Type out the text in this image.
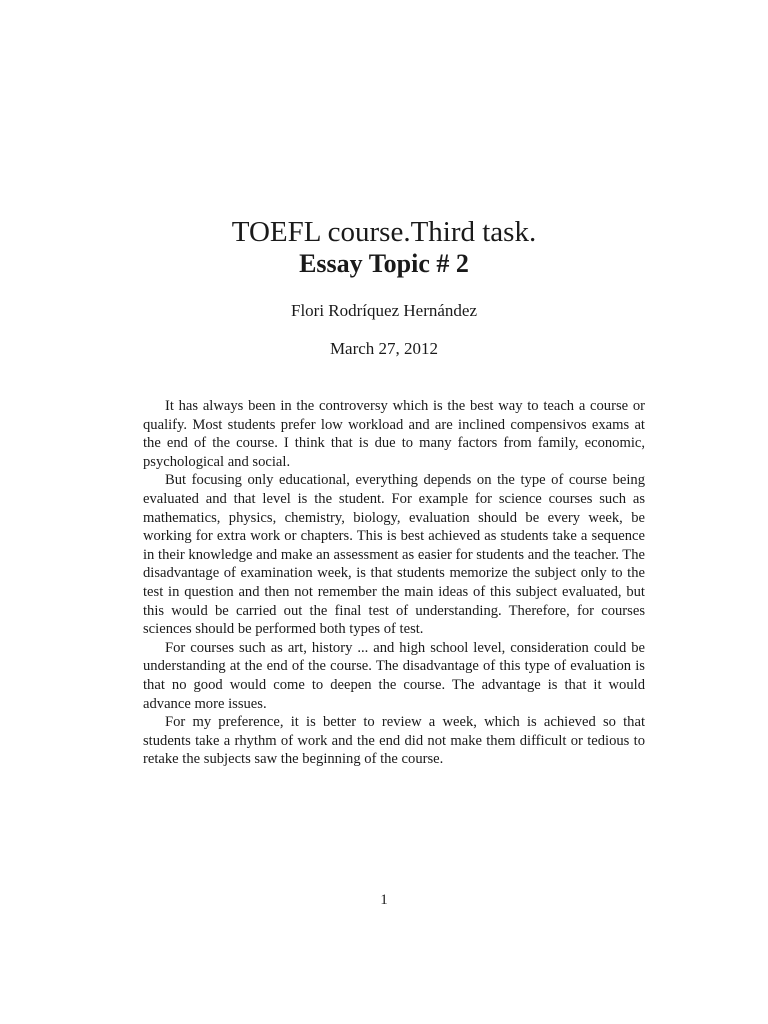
TOEFL course.Third task.
Essay Topic # 2
Flori Rodríquez Hernández
March 27, 2012

It has always been in the controversy which is the best way to teach a course or qualify. Most students prefer low workload and are inclined compensivos exams at the end of the course. I think that is due to many factors from family, economic, psychological and social.

But focusing only educational, everything depends on the type of course being evaluated and that level is the student. For example for science courses such as mathematics, physics, chemistry, biology, evaluation should be every week, be working for extra work or chapters. This is best achieved as students take a sequence in their knowledge and make an assessment as easier for students and the teacher. The disadvantage of examination week, is that students memorize the subject only to the test in question and then not remember the main ideas of this subject evaluated, but this would be carried out the final test of understanding. Therefore, for courses sciences should be performed both types of test.

For courses such as art, history ... and high school level, consideration could be understanding at the end of the course. The disadvantage of this type of evaluation is that no good would come to deepen the course. The advantage is that it would advance more issues.

For my preference, it is better to review a week, which is achieved so that students take a rhythm of work and the end did not make them difficult or tedious to retake the subjects saw the beginning of the course.

1
